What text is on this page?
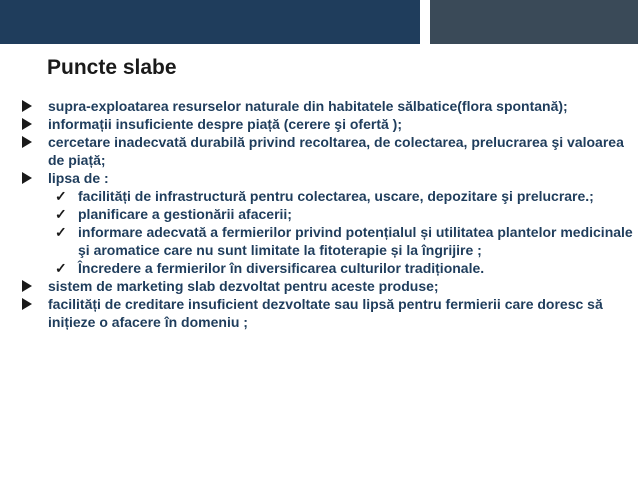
Puncte slabe
supra-exploatarea resurselor naturale din habitatele sălbatice(flora spontană);
informații insuficiente despre piață (cerere şi ofertă );
cercetare inadecvată durabilă privind recoltarea, de colectarea, prelucrarea şi valoarea de piață;
lipsa de :
✓ facilități de infrastructură pentru colectarea, uscare, depozitare şi prelucrare.;
✓ planificare a gestionării afacerii;
✓ informare adecvată a fermierilor privind potențialul și utilitatea plantelor medicinale şi aromatice care nu sunt limitate la fitoterapie și la îngrijire ;
✓ Încredere a fermierilor în diversificarea culturilor tradiționale.
sistem de marketing slab dezvoltat pentru aceste produse;
facilități de creditare insuficient dezvoltate sau lipsă pentru fermierii care doresc să inițieze o afacere în domeniu ;
